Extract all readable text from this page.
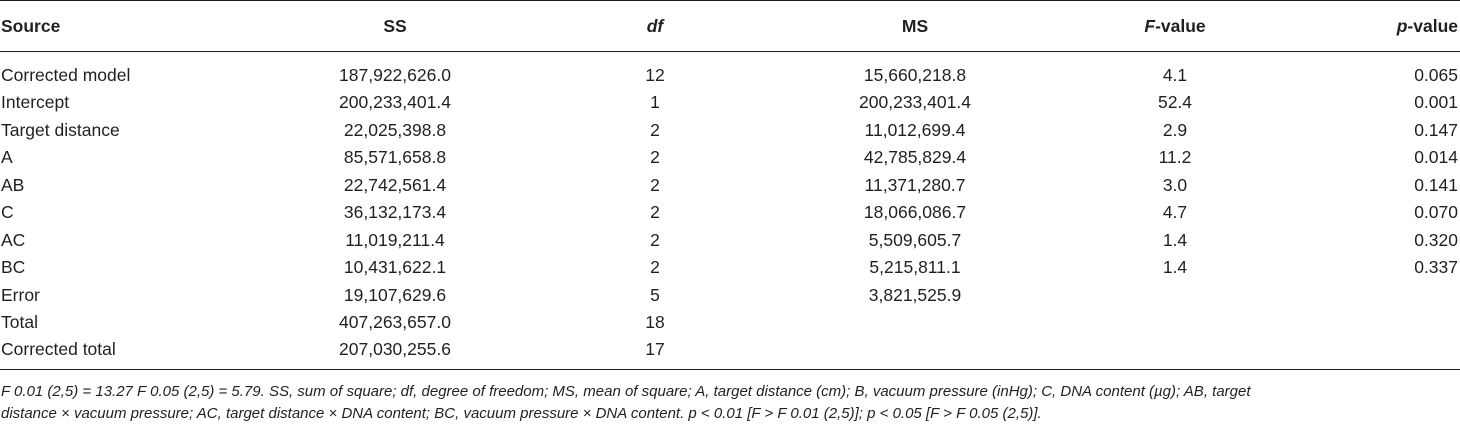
Source	SS	df	MS	F-value	p-value
Corrected model	187,922,626.0	12	15,660,218.8	4.1	0.065
Intercept	200,233,401.4	1	200,233,401.4	52.4	0.001
Target distance	22,025,398.8	2	11,012,699.4	2.9	0.147
A	85,571,658.8	2	42,785,829.4	11.2	0.014
AB	22,742,561.4	2	11,371,280.7	3.0	0.141
C	36,132,173.4	2	18,066,086.7	4.7	0.070
AC	11,019,211.4	2	5,509,605.7	1.4	0.320
BC	10,431,622.1	2	5,215,811.1	1.4	0.337
Error	19,107,629.6	5	3,821,525.9		
Total	407,263,657.0	18			
Corrected total	207,030,255.6	17			
F 0.01 (2,5) = 13.27 F 0.05 (2,5) = 5.79. SS, sum of square; df, degree of freedom; MS, mean of square; A, target distance (cm); B, vacuum pressure (inHg); C, DNA content (µg); AB, target
distance × vacuum pressure; AC, target distance × DNA content; BC, vacuum pressure × DNA content. p < 0.01 [F > F 0.01 (2,5)]; p < 0.05 [F > F 0.05 (2,5)].
